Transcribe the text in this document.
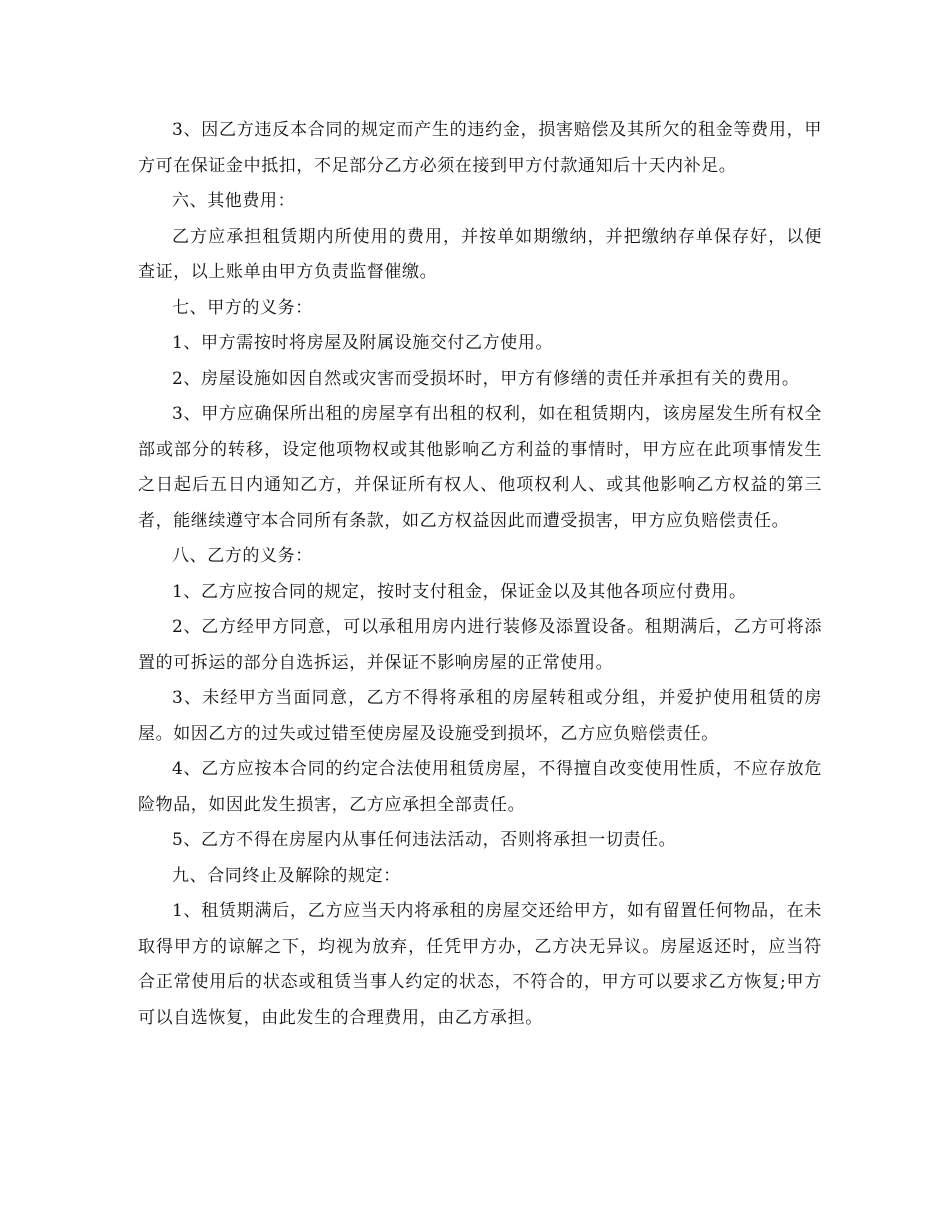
3、因乙方违反本合同的规定而产生的违约金，损害赔偿及其所欠的租金等费用，甲方可在保证金中抵扣，不足部分乙方必须在接到甲方付款通知后十天内补足。

六、其他费用：

乙方应承担租赁期内所使用的费用，并按单如期缴纳，并把缴纳存单保存好，以便查证，以上账单由甲方负责监督催缴。

七、甲方的义务：

1、甲方需按时将房屋及附属设施交付乙方使用。

2、房屋设施如因自然或灾害而受损坏时，甲方有修缮的责任并承担有关的费用。

3、甲方应确保所出租的房屋享有出租的权利，如在租赁期内，该房屋发生所有权全部或部分的转移，设定他项物权或其他影响乙方利益的事情时，甲方应在此项事情发生之日起后五日内通知乙方，并保证所有权人、他项权利人、或其他影响乙方权益的第三者，能继续遵守本合同所有条款，如乙方权益因此而遭受损害，甲方应负赔偿责任。

八、乙方的义务：

1、乙方应按合同的规定，按时支付租金，保证金以及其他各项应付费用。

2、乙方经甲方同意，可以承租用房内进行装修及添置设备。租期满后，乙方可将添置的可拆运的部分自选拆运，并保证不影响房屋的正常使用。

3、未经甲方当面同意，乙方不得将承租的房屋转租或分组，并爱护使用租赁的房屋。如因乙方的过失或过错至使房屋及设施受到损坏，乙方应负赔偿责任。

4、乙方应按本合同的约定合法使用租赁房屋，不得擅自改变使用性质，不应存放危险物品，如因此发生损害，乙方应承担全部责任。

5、乙方不得在房屋内从事任何违法活动，否则将承担一切责任。

九、合同终止及解除的规定：

1、租赁期满后，乙方应当天内将承租的房屋交还给甲方，如有留置任何物品，在未取得甲方的谅解之下，均视为放弃，任凭甲方办，乙方决无异议。房屋返还时，应当符合正常使用后的状态或租赁当事人约定的状态，不符合的，甲方可以要求乙方恢复;甲方可以自选恢复，由此发生的合理费用，由乙方承担。
